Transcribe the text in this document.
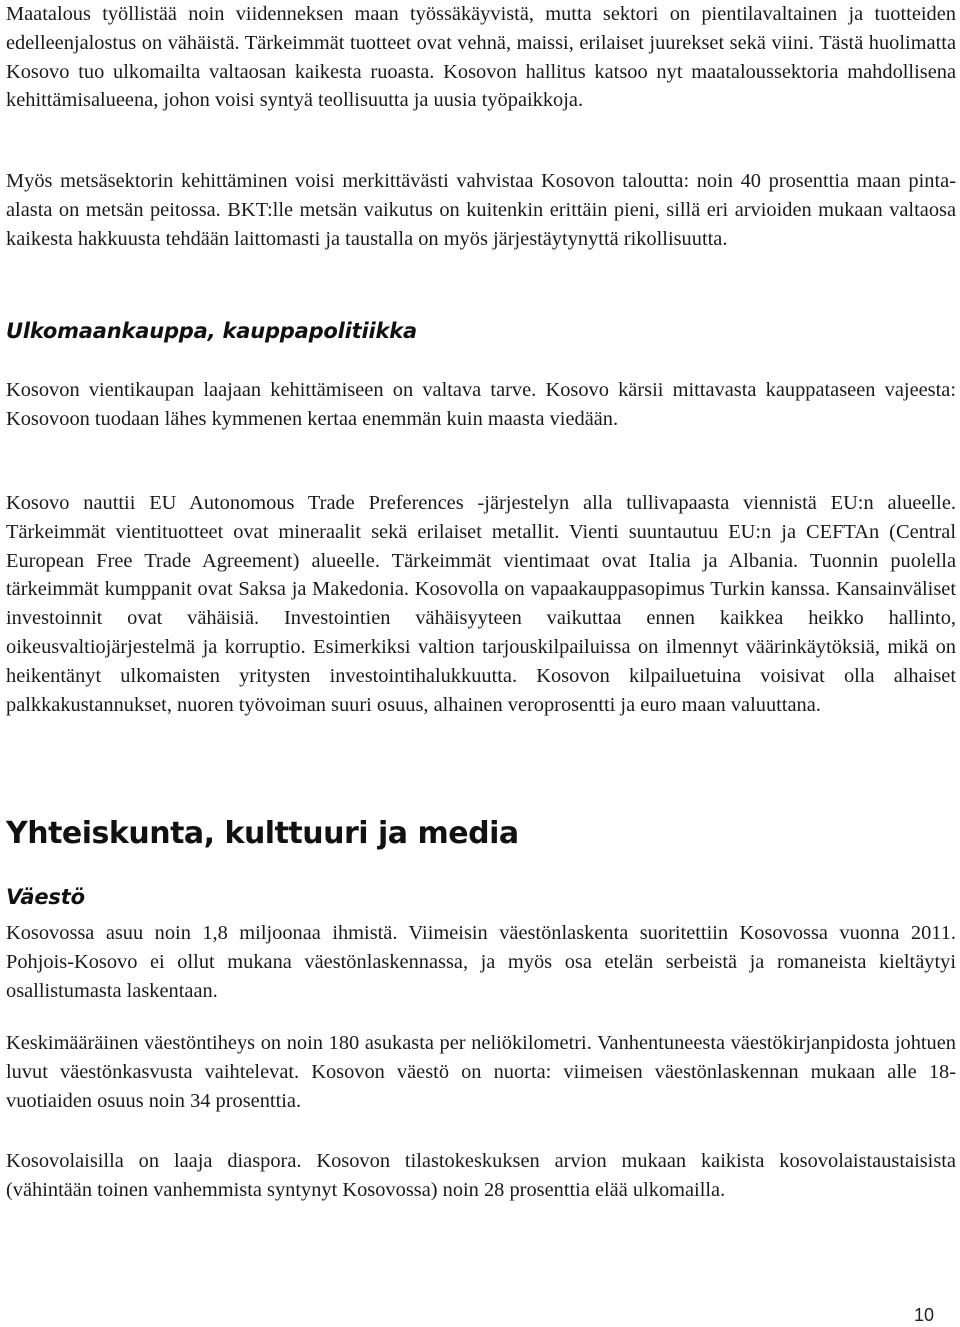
Maatalous työllistää noin viidenneksen maan työssäkäyvistä, mutta sektori on pientilavaltainen ja tuotteiden edelleenjalostus on vähäistä. Tärkeimmät tuotteet ovat vehnä, maissi, erilaiset juurekset sekä viini. Tästä huolimatta Kosovo tuo ulkomailta valtaosan kaikesta ruoasta. Kosovon hallitus katsoo nyt maataloussektoria mahdollisena kehittämisalueena, johon voisi syntyä teollisuutta ja uusia työpaikkoja.

Myös metsäsektorin kehittäminen voisi merkittävästi vahvistaa Kosovon taloutta: noin 40 prosenttia maan pinta-alasta on metsän peitossa. BKT:lle metsän vaikutus on kuitenkin erittäin pieni, sillä eri arvioiden mukaan valtaosa kaikesta hakkuusta tehdään laittomasti ja taustalla on myös järjestäytynyttä rikollisuutta.

Ulkomaankauppa, kauppapolitiikka

Kosovon vientikaupan laajaan kehittämiseen on valtava tarve. Kosovo kärsii mittavasta kauppataseen vajeesta: Kosovoon tuodaan lähes kymmenen kertaa enemmän kuin maasta viedään.

Kosovo nauttii EU Autonomous Trade Preferences -järjestelyn alla tullivapaasta viennistä EU:n alueelle. Tärkeimmät vientituotteet ovat mineraalit sekä erilaiset metallit. Vienti suuntautuu EU:n ja CEFTAn (Central European Free Trade Agreement) alueelle. Tärkeimmät vientimaat ovat Italia ja Albania. Tuonnin puolella tärkeimmät kumppanit ovat Saksa ja Makedonia. Kosovolla on vapaakauppasopimus Turkin kanssa. Kansainväliset investoinnit ovat vähäisiä. Investointien vähäisyyteen vaikuttaa ennen kaikkea heikko hallinto, oikeusvaltiojärjestelmä ja korruptio. Esimerkiksi valtion tarjouskilpailuissa on ilmennyt väärinkäytöksiä, mikä on heikentänyt ulkomaisten yritysten investointihalukkuutta. Kosovon kilpailuetuina voisivat olla alhaiset palkkakustannukset, nuoren työvoiman suuri osuus, alhainen veroprosentti ja euro maan valuuttana.

Yhteiskunta, kulttuuri ja media
Väestö

Kosovossa asuu noin 1,8 miljoonaa ihmistä. Viimeisin väestönlaskenta suoritettiin Kosovossa vuonna 2011. Pohjois-Kosovo ei ollut mukana väestönlaskennassa, ja myös osa etelän serbeistä ja romaneista kieltäytyi osallistumasta laskentaan.

Keskimääräinen väestöntiheys on noin 180 asukasta per neliökilometri. Vanhentuneesta väestökirjanpidosta johtuen luvut väestönkasvusta vaihtelevat. Kosovon väestö on nuorta: viimeisen väestönlaskennan mukaan alle 18-vuotiaiden osuus noin 34 prosenttia.

Kosovolaisilla on laaja diaspora. Kosovon tilastokeskuksen arvion mukaan kaikista kosovolaistaustaisista (vähintään toinen vanhemmista syntynyt Kosovossa) noin 28 prosenttia elää ulkomailla.

10
